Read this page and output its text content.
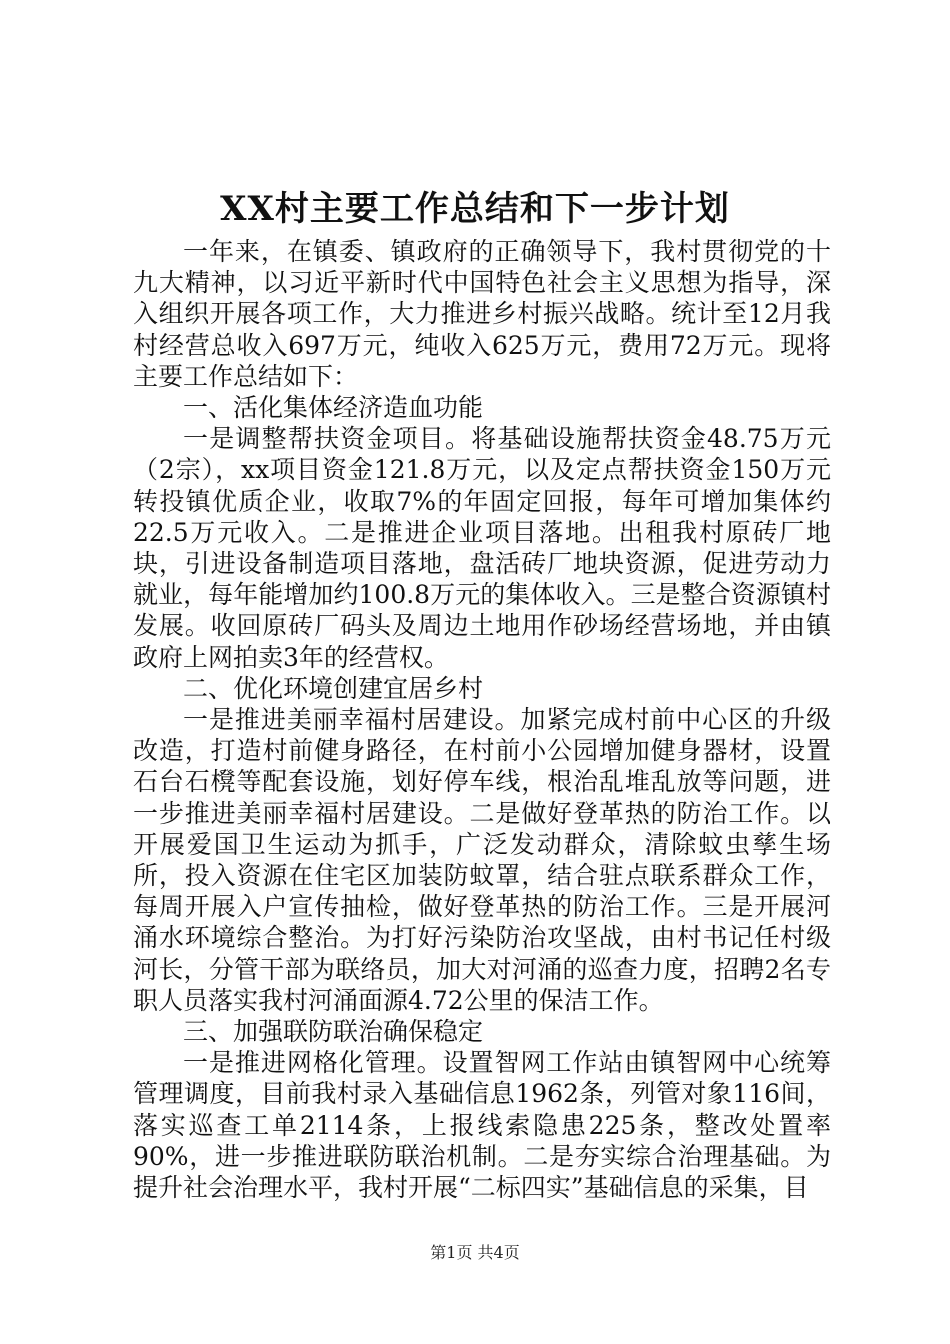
XX村主要工作总结和下一步计划

一年来，在镇委、镇政府的正确领导下，我村贯彻党的十九大精神，以习近平新时代中国特色社会主义思想为指导，深入组织开展各项工作，大力推进乡村振兴战略。统计至12月我村经营总收入697万元，纯收入625万元，费用72万元。现将主要工作总结如下：

一、活化集体经济造血功能

一是调整帮扶资金项目。将基础设施帮扶资金48.75万元（2宗），xx项目资金121.8万元，以及定点帮扶资金150万元转投镇优质企业，收取7%的年固定回报，每年可增加集体约22.5万元收入。二是推进企业项目落地。出租我村原砖厂地块，引进设备制造项目落地，盘活砖厂地块资源，促进劳动力就业，每年能增加约100.8万元的集体收入。三是整合资源镇村发展。收回原砖厂码头及周边土地用作砂场经营场地，并由镇政府上网拍卖3年的经营权。

二、优化环境创建宜居乡村

一是推进美丽幸福村居建设。加紧完成村前中心区的升级改造，打造村前健身路径，在村前小公园增加健身器材，设置石台石櫈等配套设施，划好停车线，根治乱堆乱放等问题，进一步推进美丽幸福村居建设。二是做好登革热的防治工作。以开展爱国卫生运动为抓手，广泛发动群众，清除蚊虫孳生场所，投入资源在住宅区加装防蚊罩，结合驻点联系群众工作，每周开展入户宣传抽检，做好登革热的防治工作。三是开展河涌水环境综合整治。为打好污染防治攻坚战，由村书记任村级河长，分管干部为联络员，加大对河涌的巡查力度，招聘2名专职人员落实我村河涌面源4.72公里的保洁工作。

三、加强联防联治确保稳定

一是推进网格化管理。设置智网工作站由镇智网中心统筹管理调度，目前我村录入基础信息1962条，列管对象116间，落实巡查工单2114条，上报线索隐患225条，整改处置率90%，进一步推进联防联治机制。二是夯实综合治理基础。为提升社会治理水平，我村开展“二标四实”基础信息的采集，目

第1页 共4页
